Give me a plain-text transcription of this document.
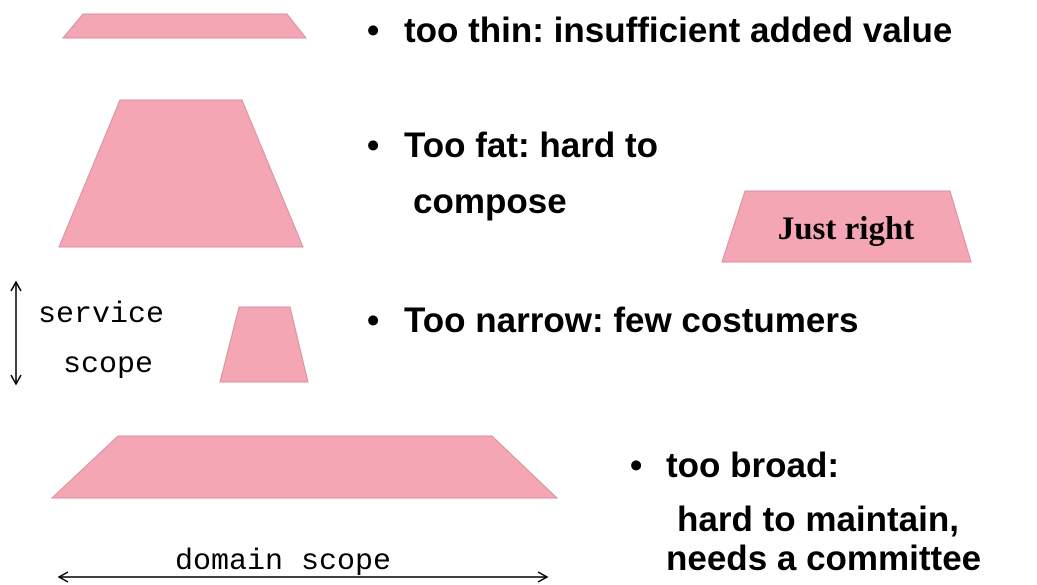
• too thin: insufficient added value
• Too fat: hard to
compose
Just right
service
scope
• Too narrow: few costumers
• too broad:
hard to maintain,
needs a committee
domain scope
